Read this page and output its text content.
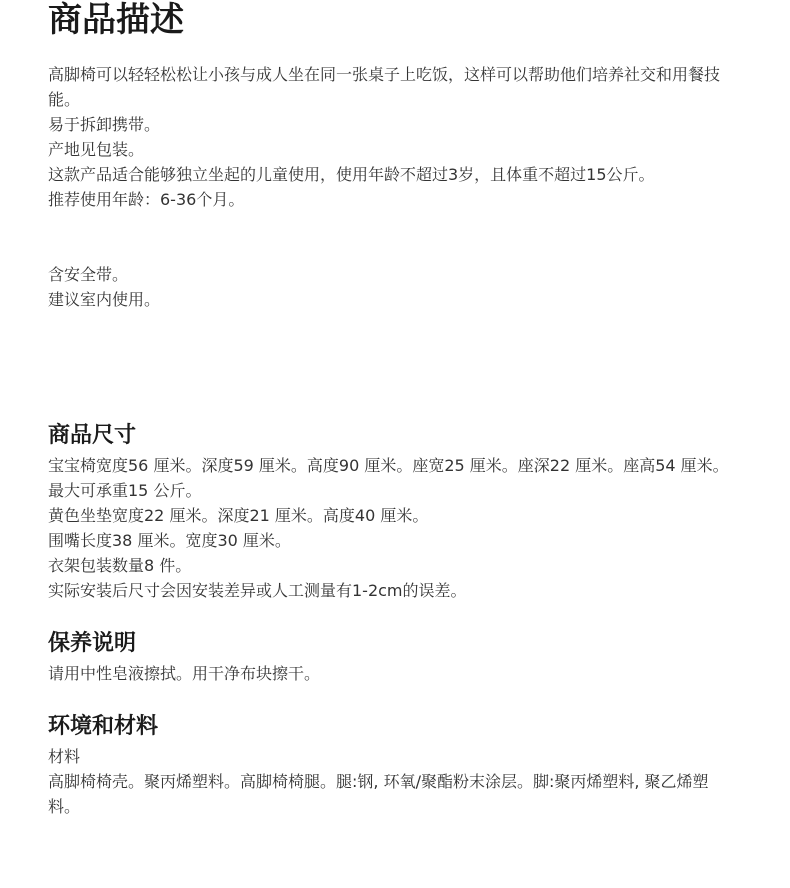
商品描述

高脚椅可以轻轻松松让小孩与成人坐在同一张桌子上吃饭，这样可以帮助他们培养社交和用餐技能。

易于拆卸携带。

产地见包装。

这款产品适合能够独立坐起的儿童使用，使用年龄不超过3岁，且体重不超过15公斤。

推荐使用年龄：6-36个月。

含安全带。

建议室内使用。

商品尺寸

宝宝椅宽度56 厘米。深度59 厘米。高度90 厘米。座宽25 厘米。座深22 厘米。座高54 厘米。最大可承重15 公斤。

黄色坐垫宽度22 厘米。深度21 厘米。高度40 厘米。

围嘴长度38 厘米。宽度30 厘米。

衣架包装数量8 件。

实际安装后尺寸会因安装差异或人工测量有1-2cm的误差。

保养说明

请用中性皂液擦拭。用干净布块擦干。

环境和材料

材料

高脚椅椅壳。聚丙烯塑料。高脚椅椅腿。腿:钢, 环氧/聚酯粉末涂层。脚:聚丙烯塑料, 聚乙烯塑料。
